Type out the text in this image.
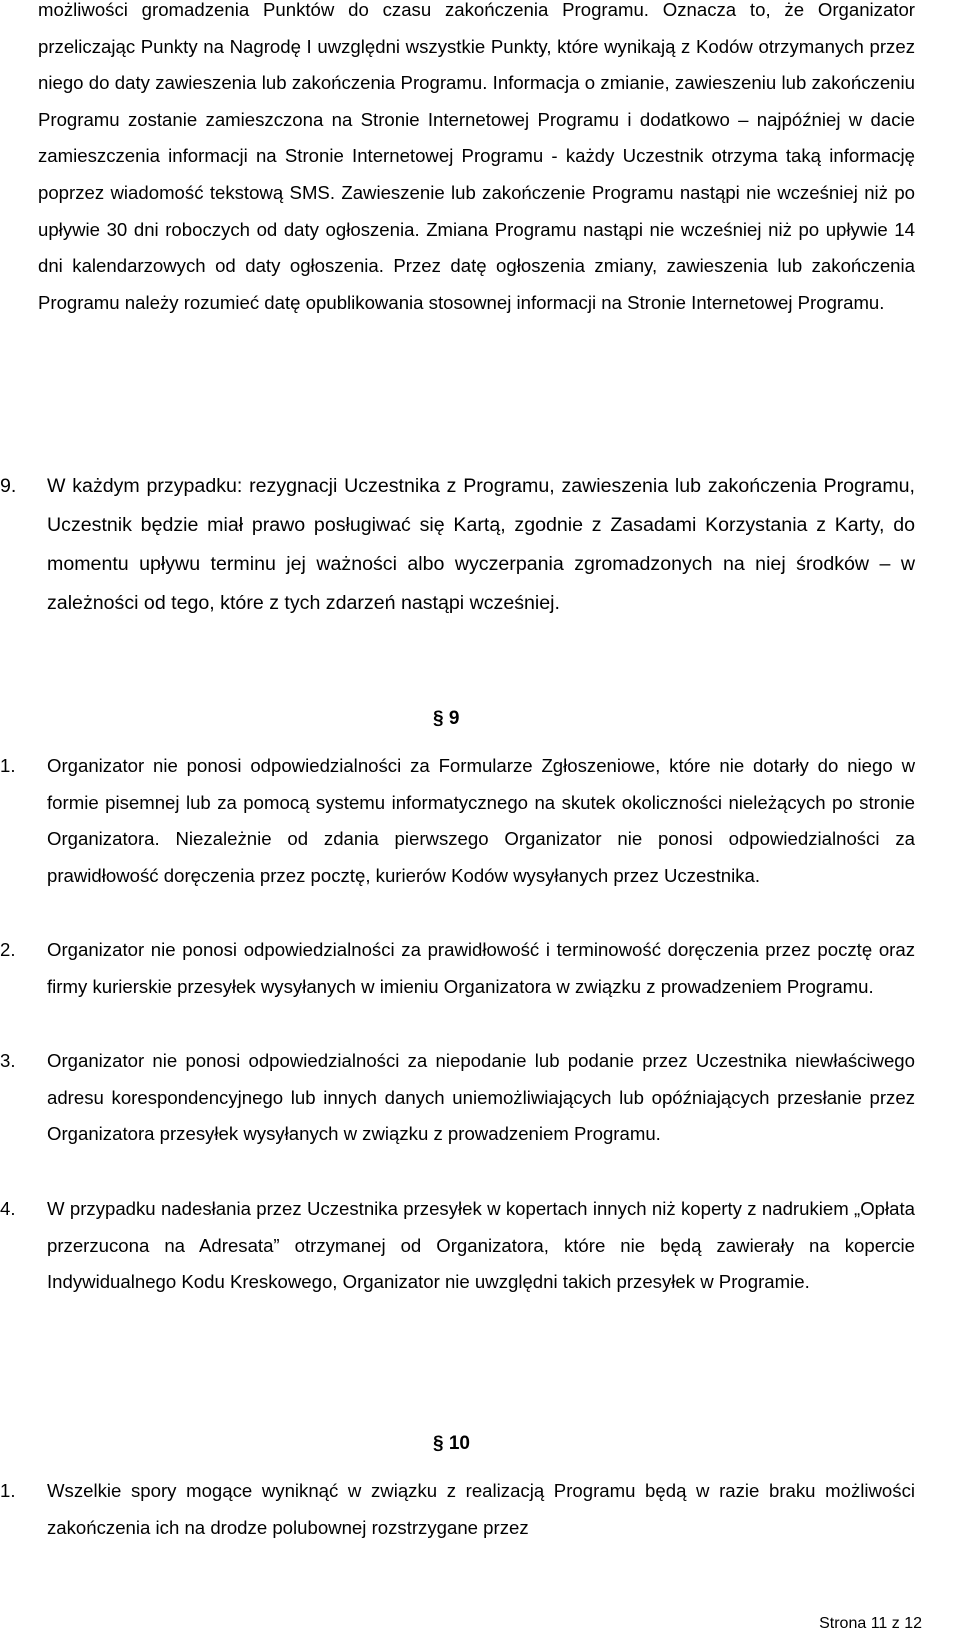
możliwości gromadzenia Punktów do czasu zakończenia Programu. Oznacza to, że Organizator przeliczając Punkty na Nagrodę I uwzględni wszystkie Punkty, które wynikają z Kodów otrzymanych przez niego do daty zawieszenia lub zakończenia Programu. Informacja o zmianie, zawieszeniu lub zakończeniu Programu zostanie zamieszczona na Stronie Internetowej Programu i dodatkowo – najpóźniej w dacie zamieszczenia informacji na Stronie Internetowej Programu - każdy Uczestnik otrzyma taką informację poprzez wiadomość tekstową SMS. Zawieszenie lub zakończenie Programu nastąpi nie wcześniej niż po upływie 30 dni roboczych od daty ogłoszenia. Zmiana Programu nastąpi nie wcześniej niż po upływie 14 dni kalendarzowych od daty ogłoszenia. Przez datę ogłoszenia zmiany, zawieszenia lub zakończenia Programu należy rozumieć datę opublikowania stosownej informacji na Stronie Internetowej Programu.

9.	W każdym przypadku: rezygnacji Uczestnika z Programu, zawieszenia lub zakończenia Programu, Uczestnik będzie miał prawo posługiwać się Kartą, zgodnie z Zasadami Korzystania z Karty, do momentu upływu terminu jej ważności albo wyczerpania zgromadzonych na niej środków – w zależności od tego, które z tych zdarzeń nastąpi wcześniej.

§ 9
1.	Organizator nie ponosi odpowiedzialności za Formularze Zgłoszeniowe, które nie dotarły do niego w formie pisemnej lub za pomocą systemu informatycznego na skutek okoliczności nieleżących po stronie Organizatora. Niezależnie od zdania pierwszego Organizator nie ponosi odpowiedzialności za prawidłowość doręczenia przez pocztę, kurierów Kodów wysyłanych przez Uczestnika.

2.	Organizator nie ponosi odpowiedzialności za prawidłowość i terminowość doręczenia przez pocztę oraz firmy kurierskie przesyłek wysyłanych w imieniu Organizatora w związku z prowadzeniem Programu.

3.	Organizator nie ponosi odpowiedzialności za niepodanie lub podanie przez Uczestnika niewłaściwego adresu korespondencyjnego lub innych danych uniemożliwiających lub opóźniających przesłanie przez Organizatora przesyłek wysyłanych w związku z prowadzeniem Programu.

4.	W przypadku nadesłania przez Uczestnika przesyłek w kopertach innych niż koperty z nadrukiem „Opłata przerzucona na Adresata” otrzymanej od Organizatora, które nie będą zawierały na kopercie Indywidualnego Kodu Kreskowego, Organizator nie uwzględni takich przesyłek w Programie.

§ 10
1.	Wszelkie spory mogące wyniknąć w związku z realizacją Programu będą w razie braku możliwości zakończenia ich na drodze polubownej rozstrzygane przez

Strona 11 z 12
